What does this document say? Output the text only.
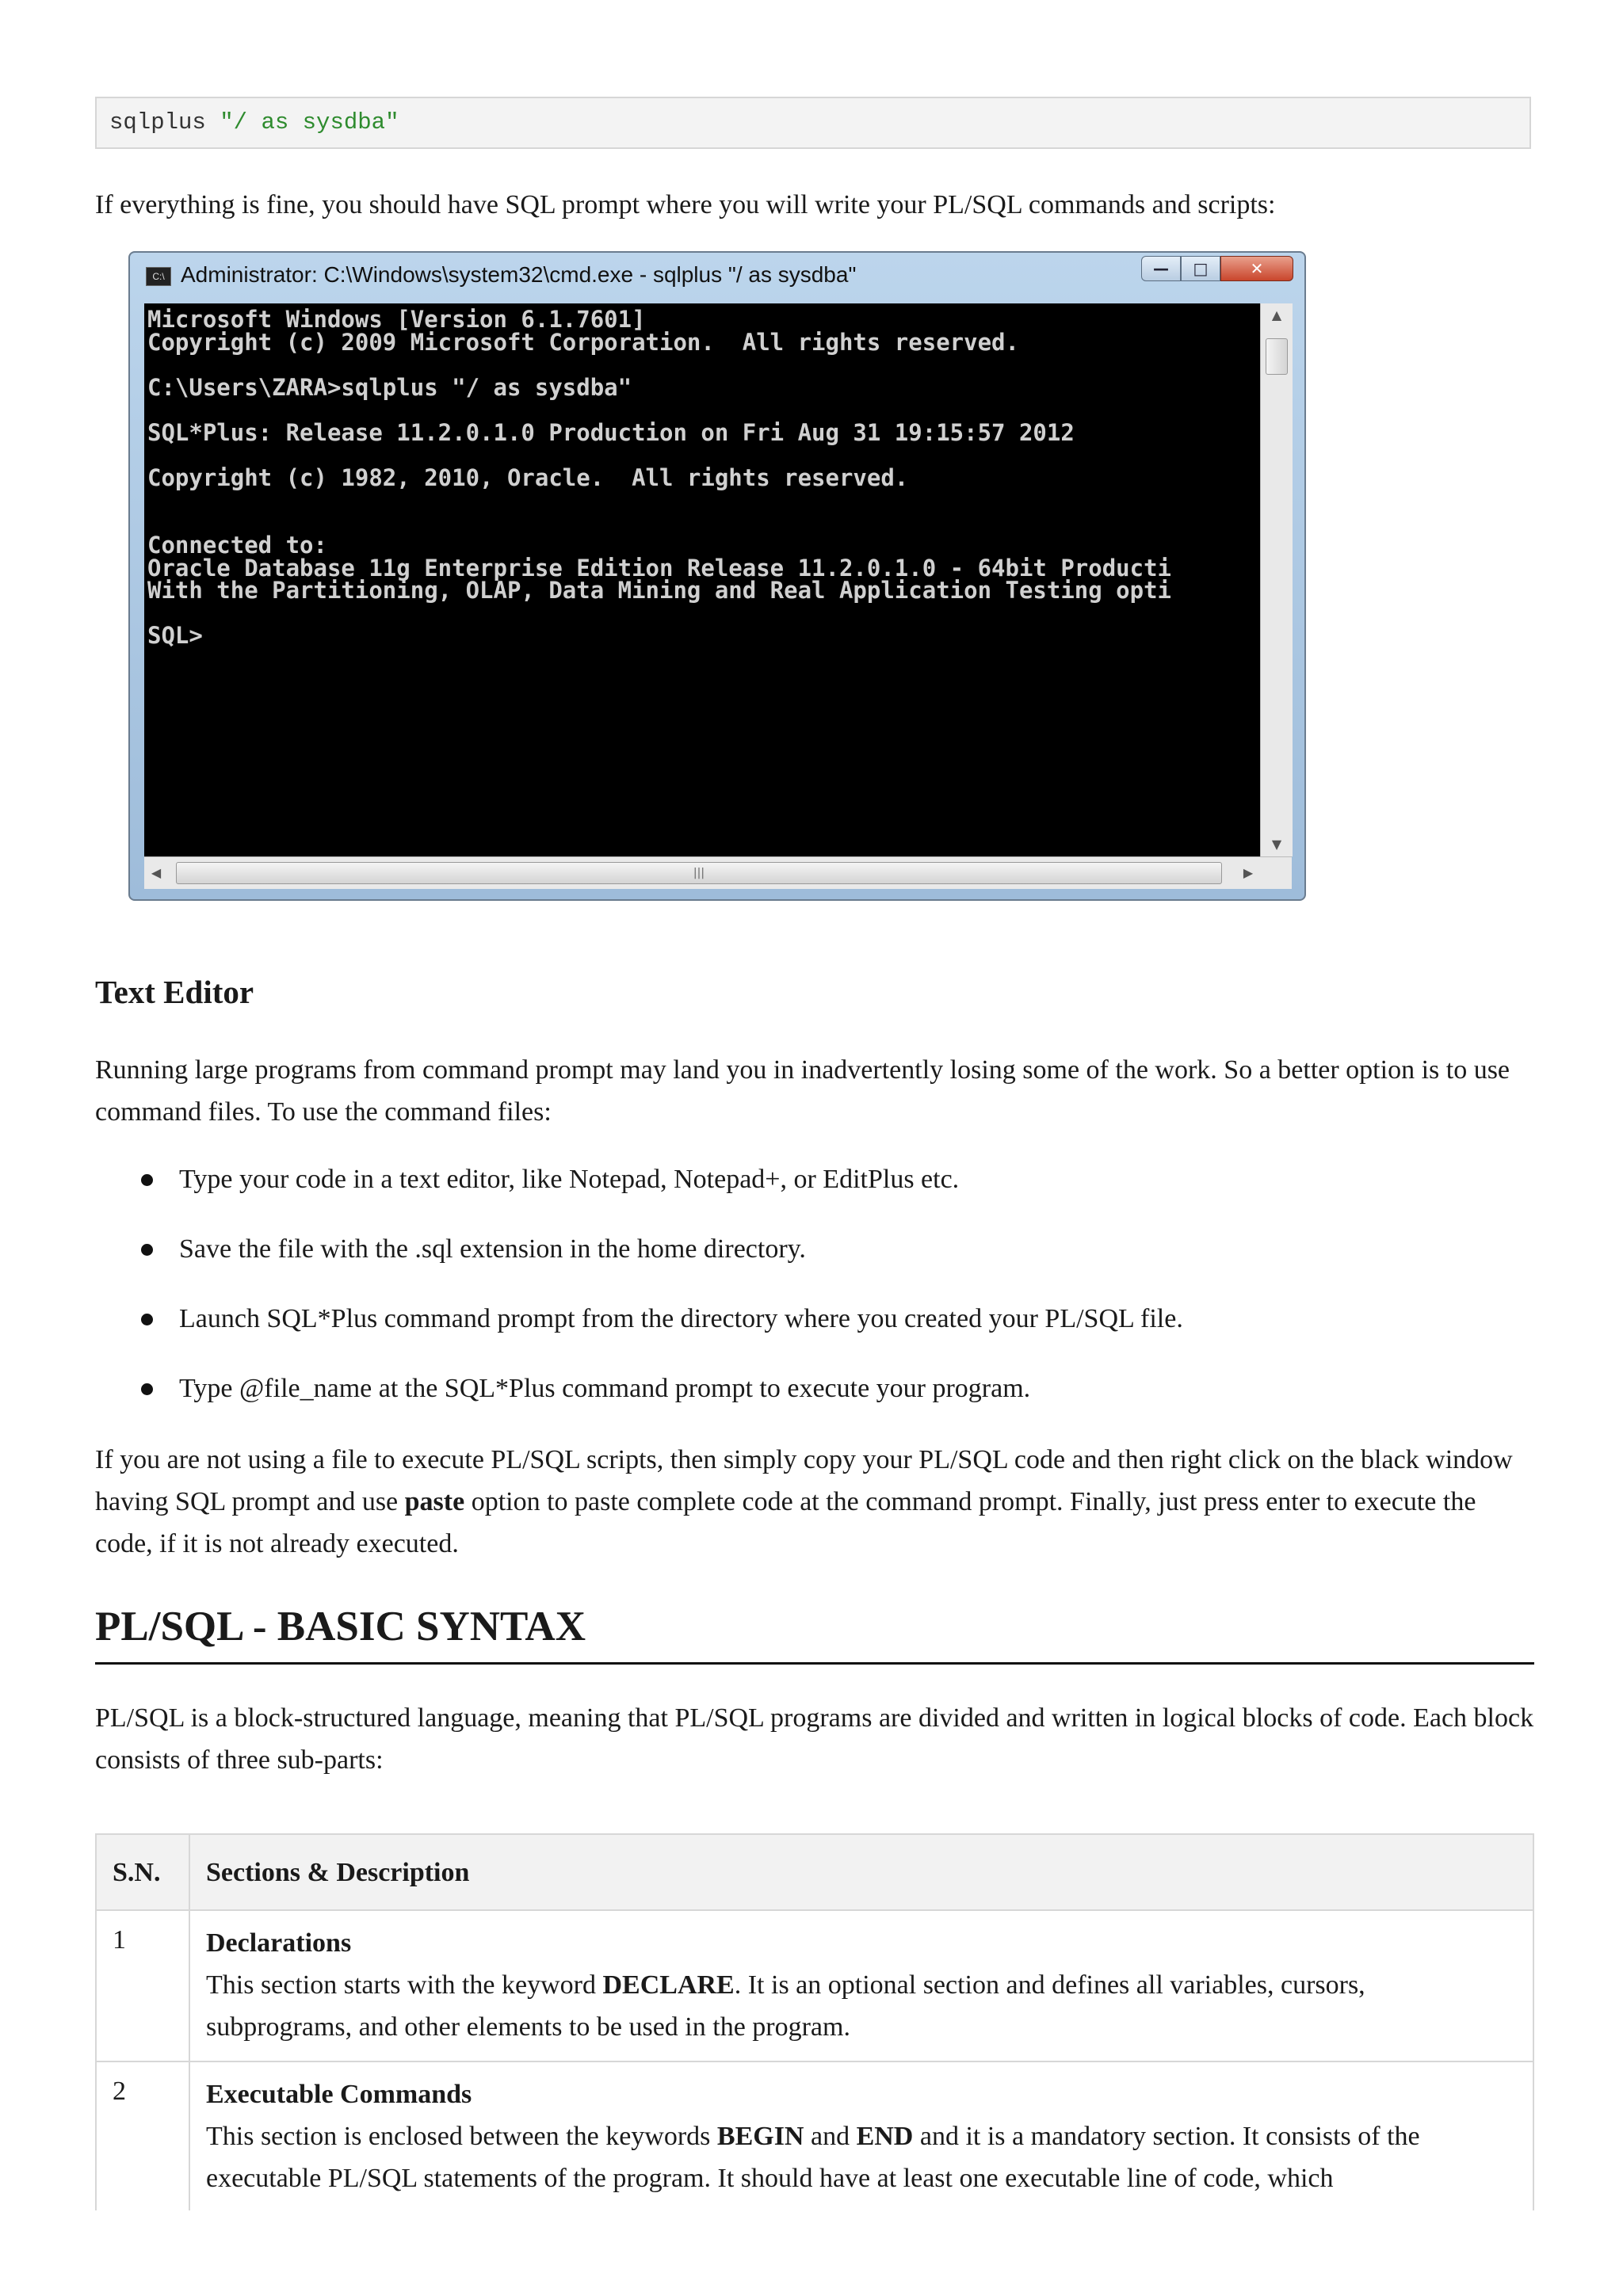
sqlplus "/ as sysdba"

If everything is fine, you should have SQL prompt where you will write your PL/SQL commands and scripts:

C:\ Administrator: C:\Windows\system32\cmd.exe - sqlplus "/ as sysdba"	—	□	✕
Microsoft Windows [Version 6.1.7601]
Copyright (c) 2009 Microsoft Corporation.  All rights reserved.

C:\Users\ZARA>sqlplus "/ as sysdba"

SQL*Plus: Release 11.2.0.1.0 Production on Fri Aug 31 19:15:57 2012

Copyright (c) 1982, 2010, Oracle.  All rights reserved.

Connected to:
Oracle Database 11g Enterprise Edition Release 11.2.0.1.0 - 64bit Producti
With the Partitioning, OLAP, Data Mining and Real Application Testing opti

SQL>
▲
▼
◀	|||	▶
Text Editor

Running large programs from command prompt may land you in inadvertently losing some of the work. So a better option is to use command files. To use the command files:

Type your code in a text editor, like Notepad, Notepad+, or EditPlus etc.
Save the file with the .sql extension in the home directory.
Launch SQL*Plus command prompt from the directory where you created your PL/SQL file.
Type @file_name at the SQL*Plus command prompt to execute your program.

If you are not using a file to execute PL/SQL scripts, then simply copy your PL/SQL code and then right click on the black window having SQL prompt and use paste option to paste complete code at the command prompt. Finally, just press enter to execute the code, if it is not already executed.

PL/SQL - BASIC SYNTAX

PL/SQL is a block-structured language, meaning that PL/SQL programs are divided and written in logical blocks of code. Each block consists of three sub-parts:

S.N.	Sections & Description
1	Declarations
This section starts with the keyword DECLARE. It is an optional section and defines all variables, cursors, subprograms, and other elements to be used in the program.

2	Executable Commands
This section is enclosed between the keywords BEGIN and END and it is a mandatory section. It consists of the executable PL/SQL statements of the program. It should have at least one executable line of code, which
